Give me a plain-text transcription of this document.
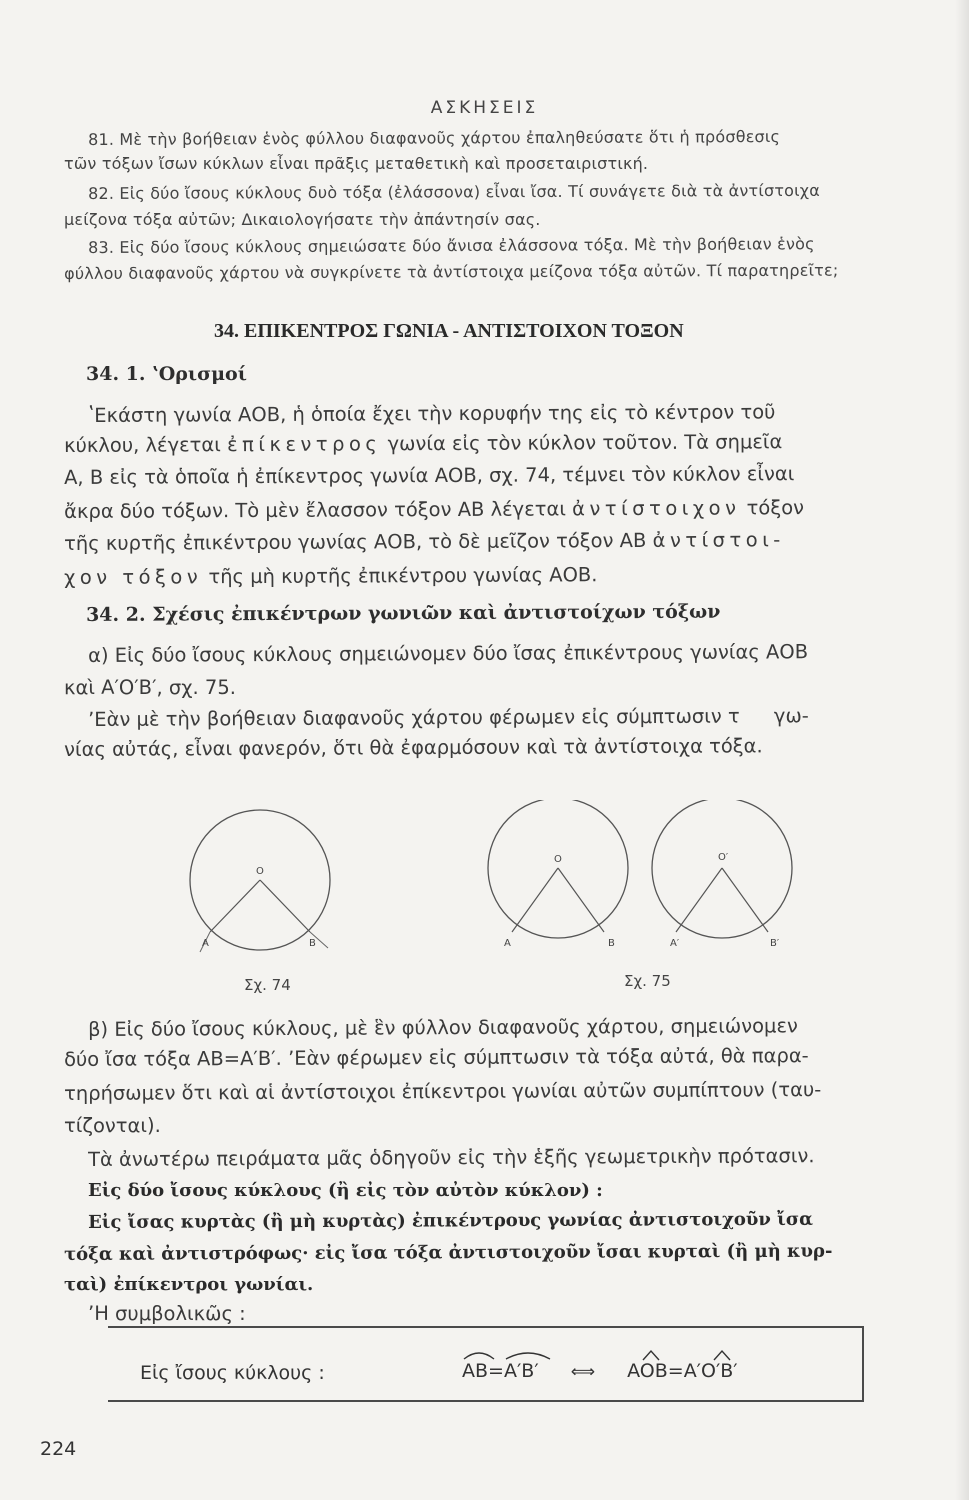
ΑΣΚΗΣΕΙΣ
81. Μὲ τὴν βοήθειαν ἑνὸς φύλλου διαφανοῦς χάρτου ἐπαληθεύσατε ὅτι ἡ πρόσθεσις
τῶν τόξων ἴσων κύκλων εἶναι πρᾶξις μεταθετικὴ καὶ προσεταιριστική.
82. Εἰς δύο ἴσους κύκλους δυὸ τόξα (ἐλάσσονα) εἶναι ἴσα. Τί συνάγετε διὰ τὰ ἀντίστοιχα
μείζονα τόξα αὐτῶν; Δικαιολογήσατε τὴν ἀπάντησίν σας.
83. Εἰς δύο ἴσους κύκλους σημειώσατε δύο ἄνισα ἐλάσσονα τόξα. Μὲ τὴν βοήθειαν ἑνὸς
φύλλου διαφανοῦς χάρτου νὰ συγκρίνετε τὰ ἀντίστοιχα μείζονα τόξα αὐτῶν. Τί παρατηρεῖτε;
34. ΕΠΙΚΕΝΤΡΟΣ ΓΩΝΙΑ - ΑΝΤΙΣΤΟΙΧΟΝ ΤΟΞΟΝ
34. 1. ʽΟρισμοί
ʽΕκάστη γωνία ΑΟΒ, ἡ ὁποία ἔχει τὴν κορυφήν της εἰς τὸ κέντρον τοῦ
κύκλου, λέγεται ἐπίκεντρος γωνία εἰς τὸν κύκλον τοῦτον. Τὰ σημεῖα
Α, Β εἰς τὰ ὁποῖα ἡ ἐπίκεντρος γωνία ΑΟΒ, σχ. 74, τέμνει τὸν κύκλον εἶναι
ἄκρα δύο τόξων. Τὸ μὲν ἔλασσον τόξον ΑΒ λέγεται ἀντίστοιχον τόξον
τῆς κυρτῆς ἐπικέντρου γωνίας ΑΟΒ, τὸ δὲ μεῖζον τόξον ΑΒ ἀντίστοι-
χον τόξον τῆς μὴ κυρτῆς ἐπικέντρου γωνίας ΑΟΒ.
34. 2. Σχέσις ἐπικέντρων γωνιῶν καὶ ἀντιστοίχων τόξων
α) Εἰς δύο ἴσους κύκλους σημειώνομεν δύο ἴσας ἐπικέντρους γωνίας ΑΟΒ
καὶ Α′Ο′Β′, σχ. 75.
ʼΕὰν μὲ τὴν βοήθειαν διαφανοῦς χάρτου φέρωμεν εἰς σύμπτωσιν τ γω-
νίας αὐτάς, εἶναι φανερόν, ὅτι θὰ ἐφαρμόσουν καὶ τὰ ἀντίστοιχα τόξα.
O
A	B
Σχ. 74
O
A	B
O′
A′	B′
Σχ. 75
β) Εἰς δύο ἴσους κύκλους, μὲ ἓν φύλλον διαφανοῦς χάρτου, σημειώνομεν
δύο ἴσα τόξα ΑΒ=Α′Β′. ʼΕὰν φέρωμεν εἰς σύμπτωσιν τὰ τόξα αὐτά, θὰ παρα-
τηρήσωμεν ὅτι καὶ αἱ ἀντίστοιχοι ἐπίκεντροι γωνίαι αὐτῶν συμπίπτουν (ταυ-
τίζονται).
Τὰ ἀνωτέρω πειράματα μᾶς ὁδηγοῦν εἰς τὴν ἑξῆς γεωμετρικὴν πρότασιν.
Εἰς δύο ἴσους κύκλους (ἢ εἰς τὸν αὐτὸν κύκλον) :
Εἰς ἴσας κυρτὰς (ἢ μὴ κυρτὰς) ἐπικέντρους γωνίας ἀντιστοιχοῦν ἴσα
τόξα καὶ ἀντιστρόφως· εἰς ἴσα τόξα ἀντιστοιχοῦν ἴσαι κυρταὶ (ἢ μὴ κυρ-
ταὶ) ἐπίκεντροι γωνίαι.
ʼΗ συμβολικῶς :
Εἰς ἴσους κύκλους :	AB=
A′B′ ⟺ AOB=
A′O′B′
224
